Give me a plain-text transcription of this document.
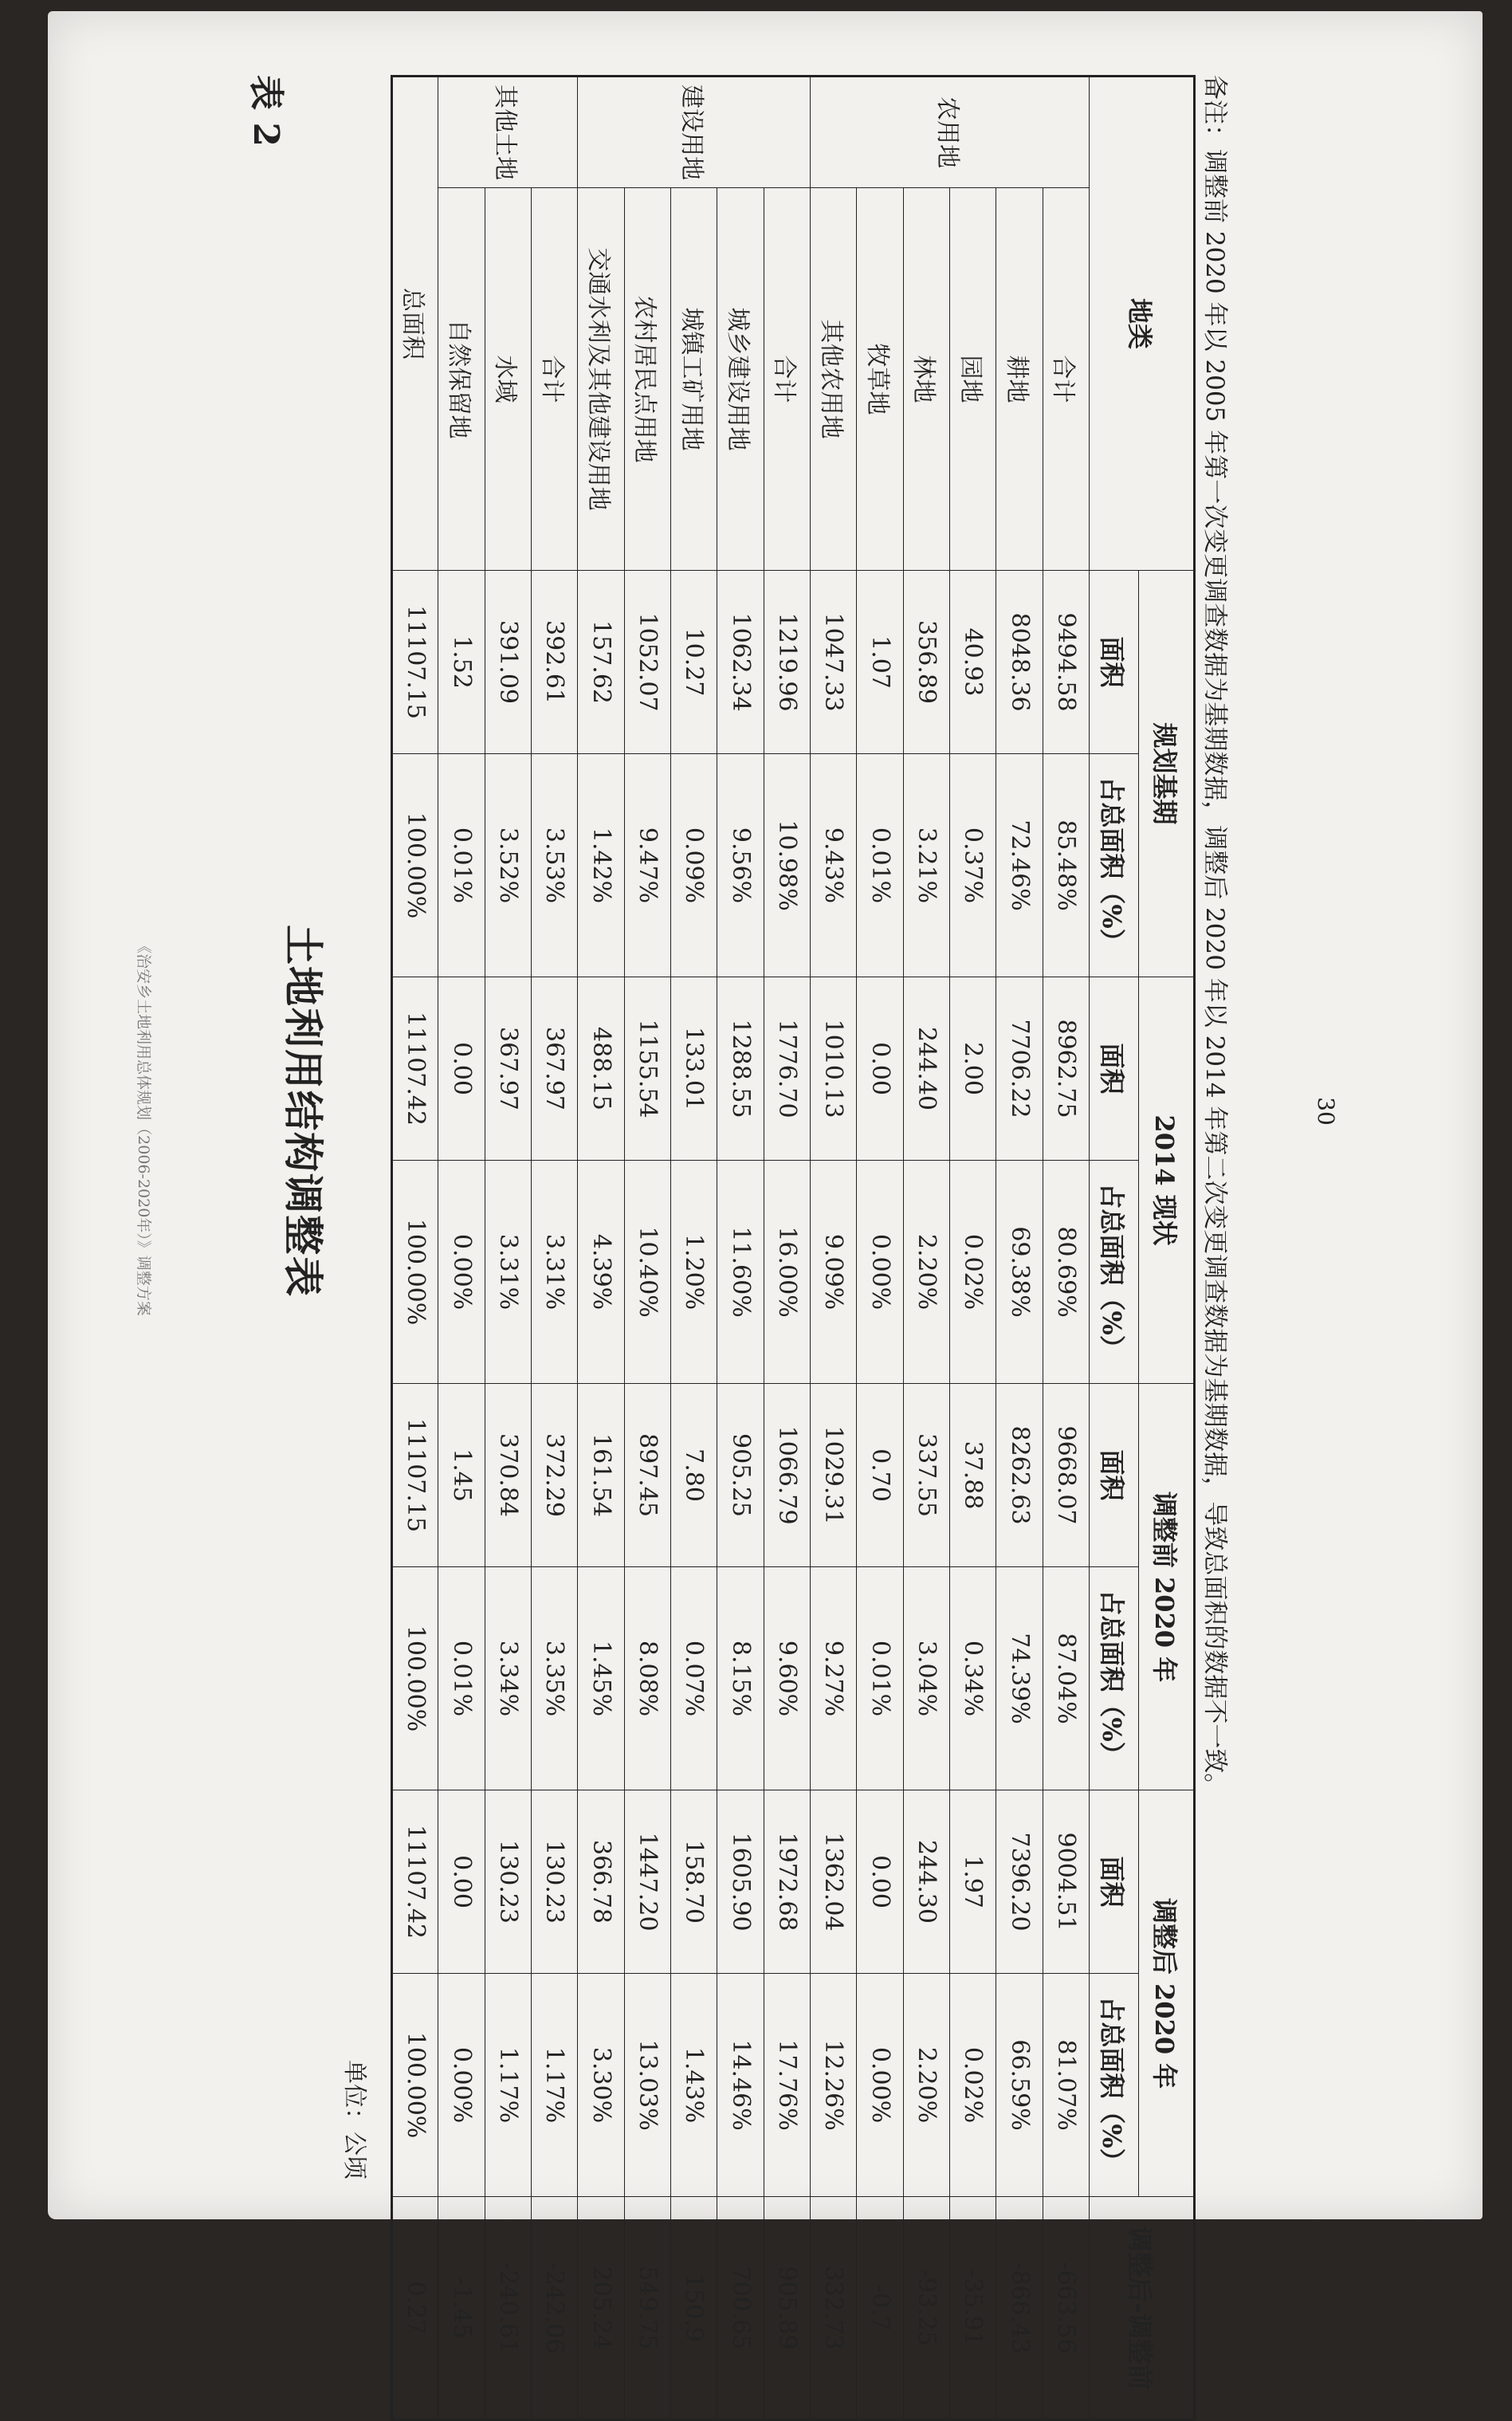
《治安乡土地利用总体规划（2006-2020年）》调整方案
表 2
土地利用结构调整表
单位：公顷
地类		规划基期		2014 现状		调整前 2020 年		调整后 2020 年		调整后-调整前
		面积	占总面积（%）	面积	占总面积（%）	面积	占总面积（%）	面积	占总面积（%）	
农用地	合计	9494.58	85.48%	8962.75	80.69%	9668.07	87.04%	9004.51	81.07%	-663.56
	耕地	8048.36	72.46%	7706.22	69.38%	8262.63	74.39%	7396.20	66.59%	-866.43
	园地	40.93	0.37%	2.00	0.02%	37.88	0.34%	1.97	0.02%	-35.91
	林地	356.89	3.21%	244.40	2.20%	337.55	3.04%	244.30	2.20%	-93.25
	牧草地	1.07	0.01%	0.00	0.00%	0.70	0.01%	0.00	0.00%	-0.7
	其他农用地	1047.33	9.43%	1010.13	9.09%	1029.31	9.27%	1362.04	12.26%	332.73
建设用地	合计	1219.96	10.98%	1776.70	16.00%	1066.79	9.60%	1972.68	17.76%	905.89
	城乡建设用地	1062.34	9.56%	1288.55	11.60%	905.25	8.15%	1605.90	14.46%	700.65
	城镇工矿用地	10.27	0.09%	133.01	1.20%	7.80	0.07%	158.70	1.43%	150.9
	农村居民点用地	1052.07	9.47%	1155.54	10.40%	897.45	8.08%	1447.20	13.03%	549.75
	交通水利及其他建设用地	157.62	1.42%	488.15	4.39%	161.54	1.45%	366.78	3.30%	205.24
其他土地	合计	392.61	3.53%	367.97	3.31%	372.29	3.35%	130.23	1.17%	-242.06
	水域	391.09	3.52%	367.97	3.31%	370.84	3.34%	130.23	1.17%	-240.61
	自然保留地	1.52	0.01%	0.00	0.00%	1.45	0.01%	0.00	0.00%	-1.45
总面积		11107.15	100.00%	11107.42	100.00%	11107.15	100.00%	11107.42	100.00%	0.27
30
备注：调整前 2020 年以 2005 年第一次变更调查数据为基期数据，调整后 2020 年以 2014 年第二次变更调查数据为基期数据，导致总面积的数据不一致。
